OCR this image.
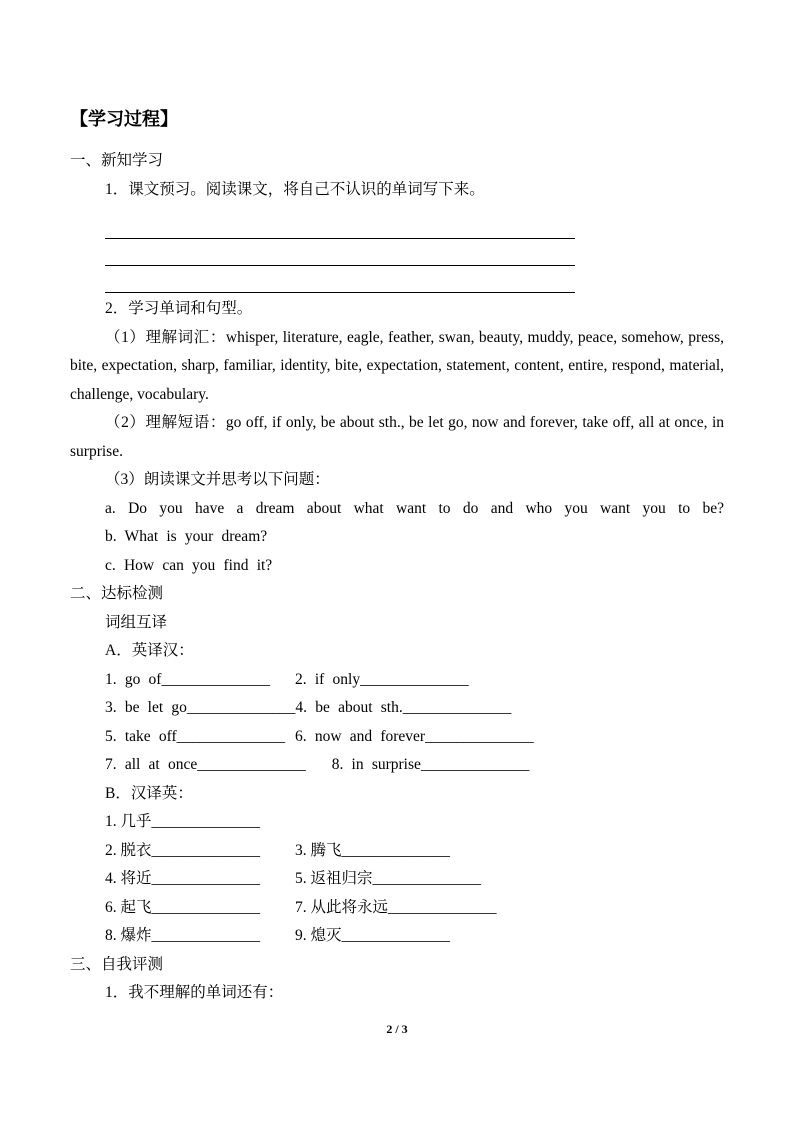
【学习过程】
一、新知学习
1．课文预习。阅读课文，将自己不认识的单词写下来。
2．学习单词和句型。

（1）理解词汇：whisper, literature, eagle, feather, swan, beauty, muddy, peace, somehow, press, bite, expectation, sharp, familiar, identity, bite, expectation, statement, content, entire, respond, material, challenge, vocabulary.

（2）理解短语：go off, if only, be about sth., be let go, now and forever, take off, all at once, in surprise.

（3）朗读课文并思考以下问题：
a. Do you have a dream about what want to do and who you want you to be?
b. What is your dream?
c. How can you find it?
二、达标检测
词组互译
A．英译汉：
1. go of______________ 2. if only______________
3. be let go______________4. be about sth.______________
5. take off______________ 6. now and forever______________
7. all at once______________ 8. in surprise______________
B．汉译英：
1. 几乎______________
2. 脱衣______________ 3. 腾飞______________
4. 将近______________ 5. 返祖归宗______________
6. 起飞______________ 7. 从此将永远______________
8. 爆炸______________ 9. 熄灭______________
三、自我评测
1．我不理解的单词还有：
2 / 3
